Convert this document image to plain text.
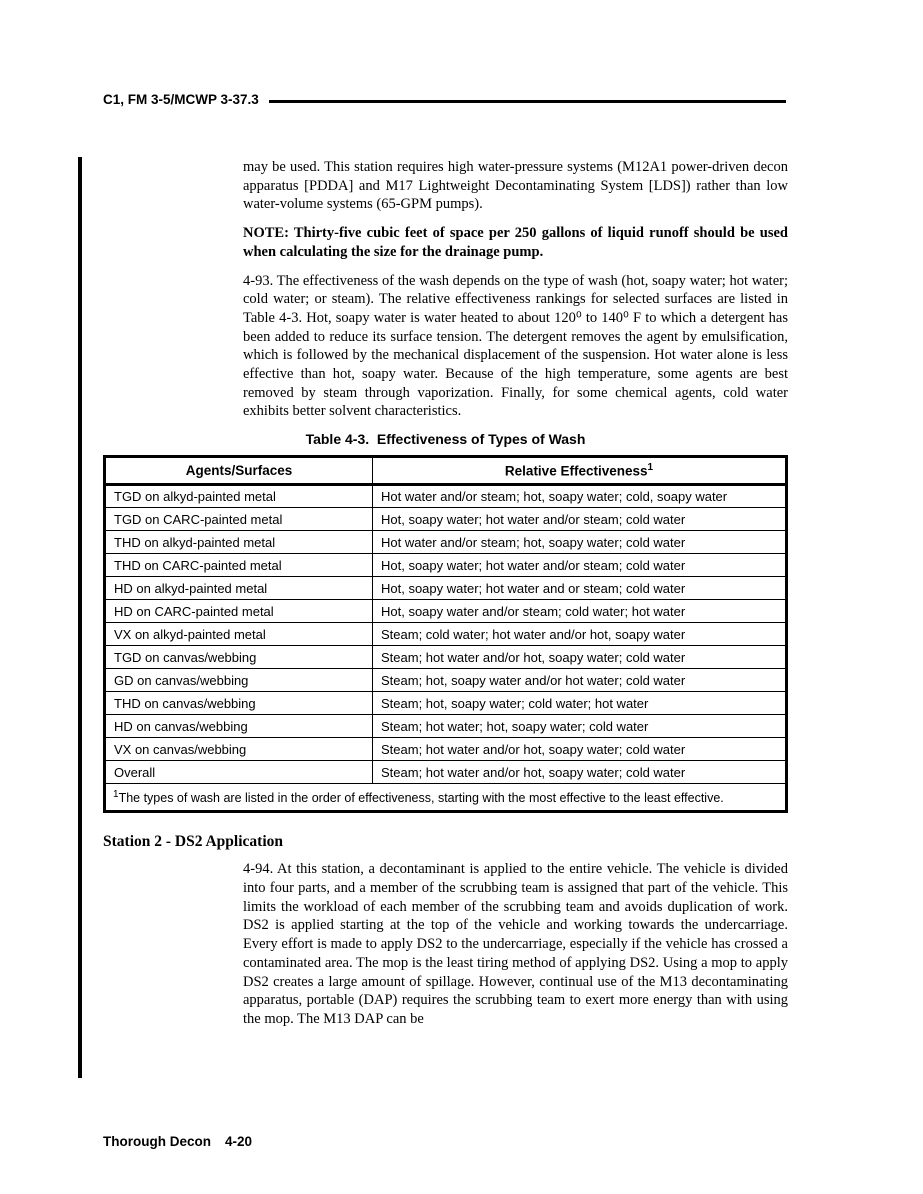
C1, FM 3-5/MCWP 3-37.3

may be used. This station requires high water-pressure systems (M12A1 power-driven decon apparatus [PDDA] and M17 Lightweight Decontaminating System [LDS]) rather than low water-volume systems (65-GPM pumps).

NOTE: Thirty-five cubic feet of space per 250 gallons of liquid runoff should be used when calculating the size for the drainage pump.

4-93. The effectiveness of the wash depends on the type of wash (hot, soapy water; hot water; cold water; or steam). The relative effectiveness rankings for selected surfaces are listed in Table 4-3. Hot, soapy water is water heated to about 120⁰ to 140⁰ F to which a detergent has been added to reduce its surface tension. The detergent removes the agent by emulsification, which is followed by the mechanical displacement of the suspension. Hot water alone is less effective than hot, soapy water. Because of the high temperature, some agents are best removed by steam through vaporization. Finally, for some chemical agents, cold water exhibits better solvent characteristics.

Table 4-3.  Effectiveness of Types of Wash
Agents/Surfaces	Relative Effectiveness$^1$
TGD on alkyd-painted metal	Hot water and/or steam; hot, soapy water; cold, soapy water
TGD on CARC-painted metal	Hot, soapy water; hot water and/or steam; cold water
THD on alkyd-painted metal	Hot water and/or steam; hot, soapy water; cold water
THD on CARC-painted metal	Hot, soapy water; hot water and/or steam; cold water
HD on alkyd-painted metal	Hot, soapy water; hot water and or steam; cold water
HD on CARC-painted metal	Hot, soapy water and/or steam; cold water; hot water
VX on alkyd-painted metal	Steam; cold water; hot water and/or hot, soapy water
TGD on canvas/webbing	Steam; hot water and/or hot, soapy water; cold water
GD on canvas/webbing	Steam; hot, soapy water and/or hot water; cold water
THD on canvas/webbing	Steam; hot, soapy water; cold water; hot water
HD on canvas/webbing	Steam; hot water; hot, soapy water; cold water
VX on canvas/webbing	Steam; hot water and/or hot, soapy water; cold water
Overall	Steam; hot water and/or hot, soapy water; cold water
$^1$The types of wash are listed in the order of effectiveness, starting with the most effective to the least effective.	
Station 2 - DS2 Application

4-94. At this station, a decontaminant is applied to the entire vehicle. The vehicle is divided into four parts, and a member of the scrubbing team is assigned that part of the vehicle. This limits the workload of each member of the scrubbing team and avoids duplication of work. DS2 is applied starting at the top of the vehicle and working towards the undercarriage. Every effort is made to apply DS2 to the undercarriage, especially if the vehicle has crossed a contaminated area. The mop is the least tiring method of applying DS2. Using a mop to apply DS2 creates a large amount of spillage. However, continual use of the M13 decontaminating apparatus, portable (DAP) requires the scrubbing team to exert more energy than with using the mop. The M13 DAP can be

Thorough Decon 4-20
